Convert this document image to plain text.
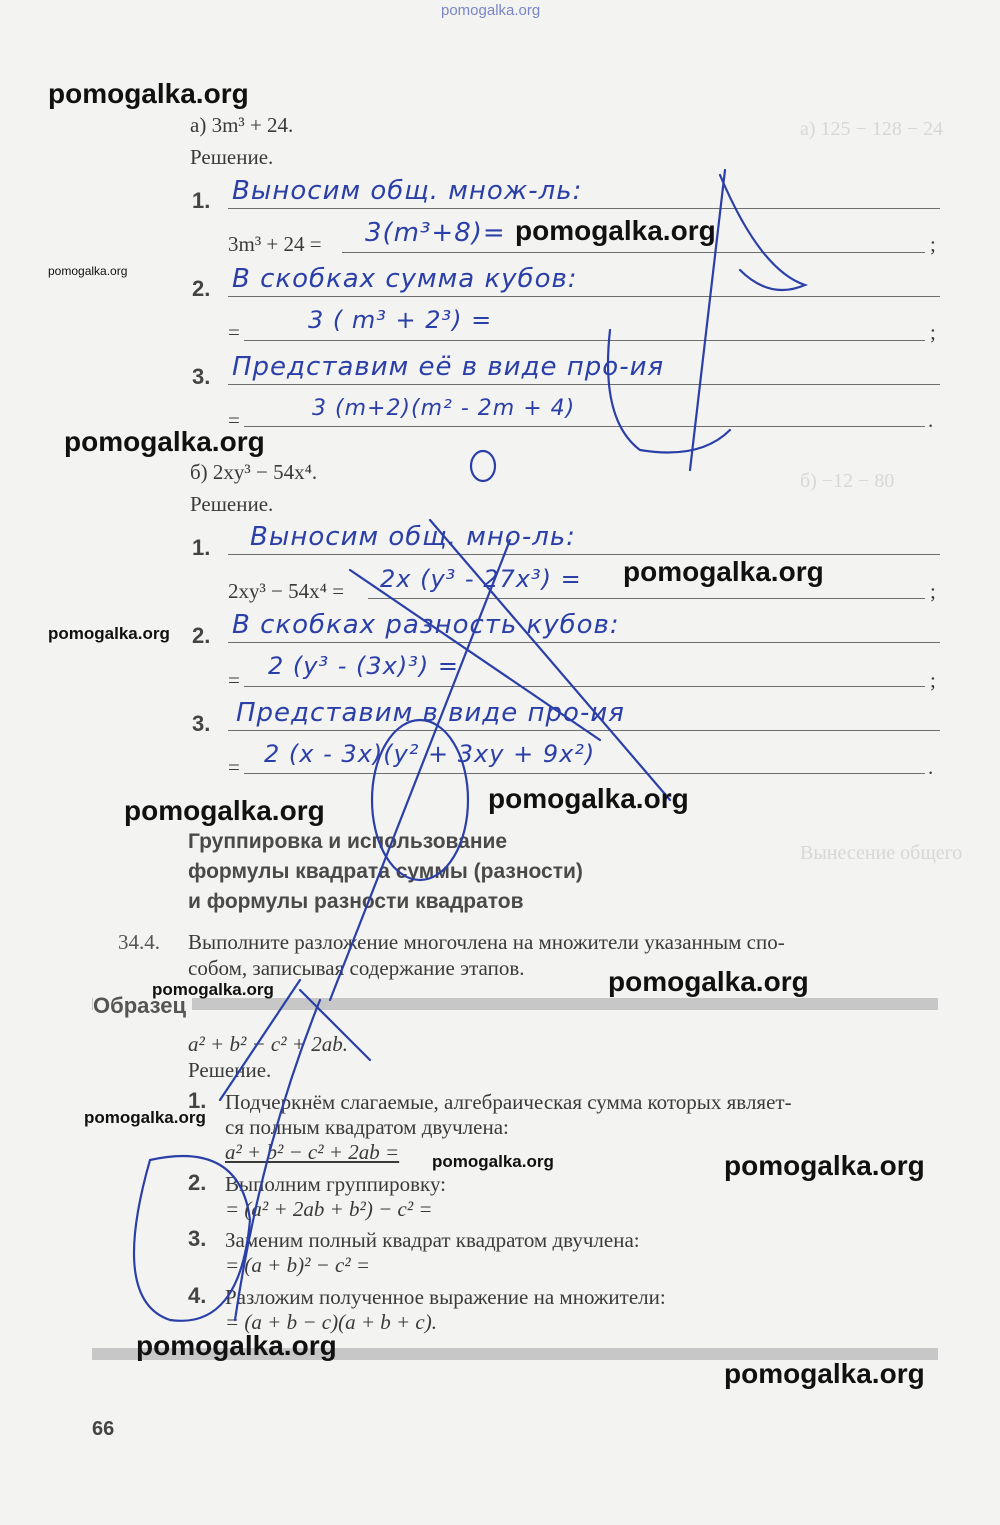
pomogalka.org
а) 125 − 128 − 24
б) −12 − 80
Вынесение общего
а) 3m³ + 24.
Решение.
1. Выносим общ. множ-ль:
3m³ + 24 = 3(m³+8)=	;
2. В скобках сумма кубов:
=	3 ( m³ + 2³) =	;
3. Представим её в виде про-ия
=	3 (m+2)(m² - 2m + 4)	.
б) 2xy³ − 54x⁴.
Решение.
1. Выносим общ. мно-ль:
2xy³ − 54x⁴ = 2x (y³ - 27x³) =	;
2. В скобках разность кубов:
= 2 (y³ - (3x)³) =	;
3. Представим в виде про-ия
= 2 (x - 3x)(y² + 3xy + 9x²)	.
Группировка и использование
формулы квадрата суммы (разности)
и формулы разности квадратов
34.4. Выполните разложение многочлена на множители указанным спо-
собом, записывая содержание этапов.
Образец
a² + b² − c² + 2ab.
Решение.
1. Подчеркнём слагаемые, алгебраическая сумма которых являет-
ся полным квадратом двучлена:
a² + b² − c² + 2ab =
2. Выполним группировку:
= (a² + 2ab + b²) − c² =
3. Заменим полный квадрат квадратом двучлена:
= (a + b)² − c² =
4. Разложим полученное выражение на множители:
= (a + b − c)(a + b + c).
66
pomogalka.org
pomogalka.org
pomogalka.org
pomogalka.org
pomogalka.org
pomogalka.org
pomogalka.org
pomogalka.org
pomogalka.org
pomogalka.org
pomogalka.org
pomogalka.org	pomogalka.org
pomogalka.org
pomogalka.org
